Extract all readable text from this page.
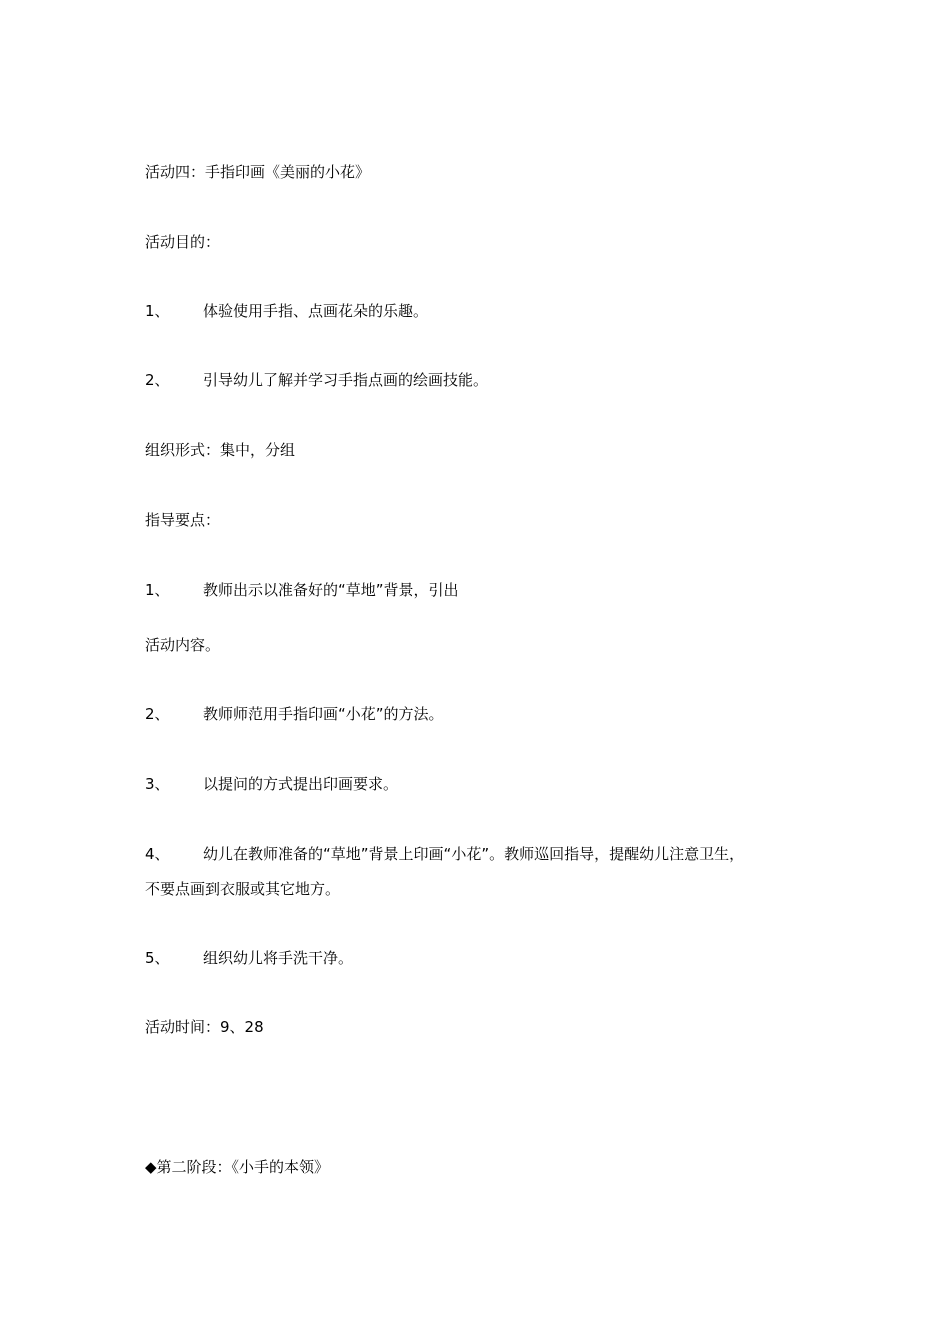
活动四：手指印画《美丽的小花》
活动目的：
1、 体验使用手指、点画花朵的乐趣。
2、 引导幼儿了解并学习手指点画的绘画技能。
组织形式：集中，分组
指导要点：
1、 教师出示以准备好的“草地”背景，引出
活动内容。
2、 教师师范用手指印画“小花”的方法。
3、 以提问的方式提出印画要求。
4、 幼儿在教师准备的“草地”背景上印画“小花”。教师巡回指导，提醒幼儿注意卫生，
不要点画到衣服或其它地方。
5、 组织幼儿将手洗干净。
活动时间：9、28
◆第二阶段：《小手的本领》
